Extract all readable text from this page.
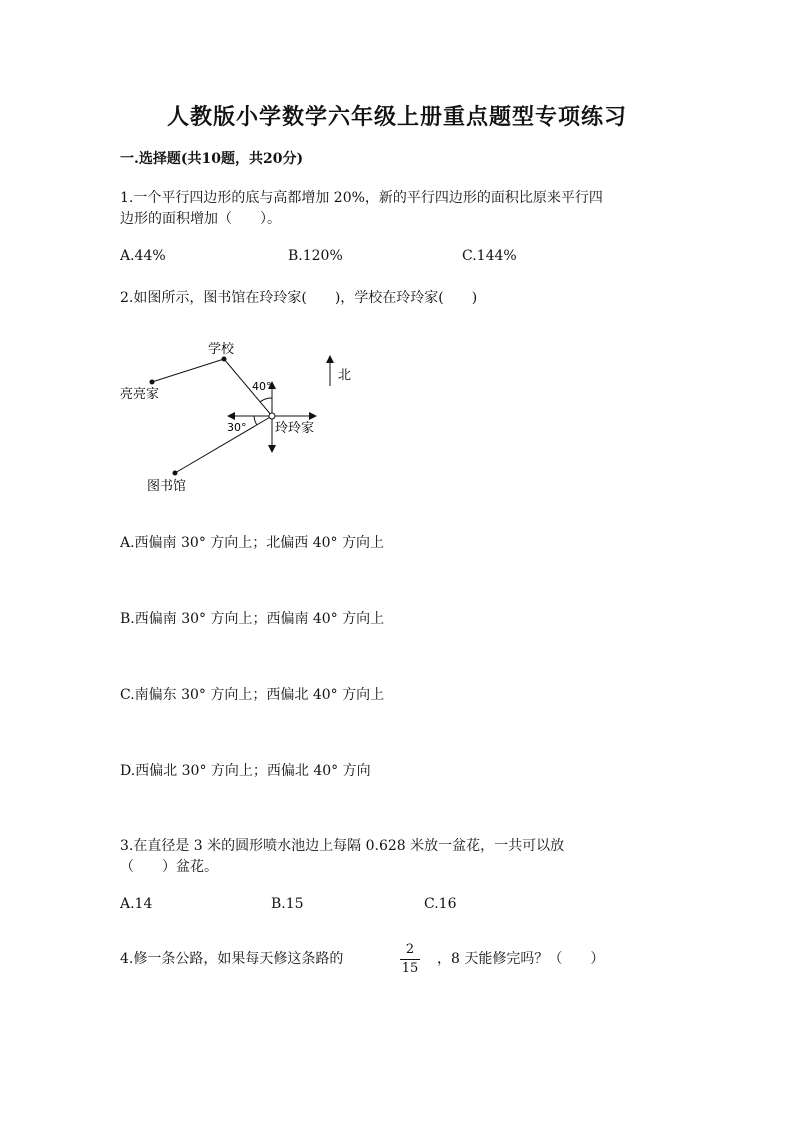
人教版小学数学六年级上册重点题型专项练习
一.选择题(共10题，共20分)
1.一个平行四边形的底与高都增加 20%，新的平行四边形的面积比原来平行四
边形的面积增加（　　）。
A.44%	B.120%	C.144%
2.如图所示，图书馆在玲玲家(　　)，学校在玲玲家(　　)
学校
亮亮家
玲玲家
图书馆
北
40°
30°
A.西偏南 30° 方向上；北偏西 40° 方向上
B.西偏南 30° 方向上；西偏南 40° 方向上
C.南偏东 30° 方向上；西偏北 40° 方向上
D.西偏北 30° 方向上；西偏北 40° 方向
3.在直径是 3 米的圆形喷水池边上每隔 0.628 米放一盆花，一共可以放
（　　）盆花。
A.14	B.15	C.16
4.修一条公路，如果每天修这条路的
2
15
，8 天能修完吗？（　　）
